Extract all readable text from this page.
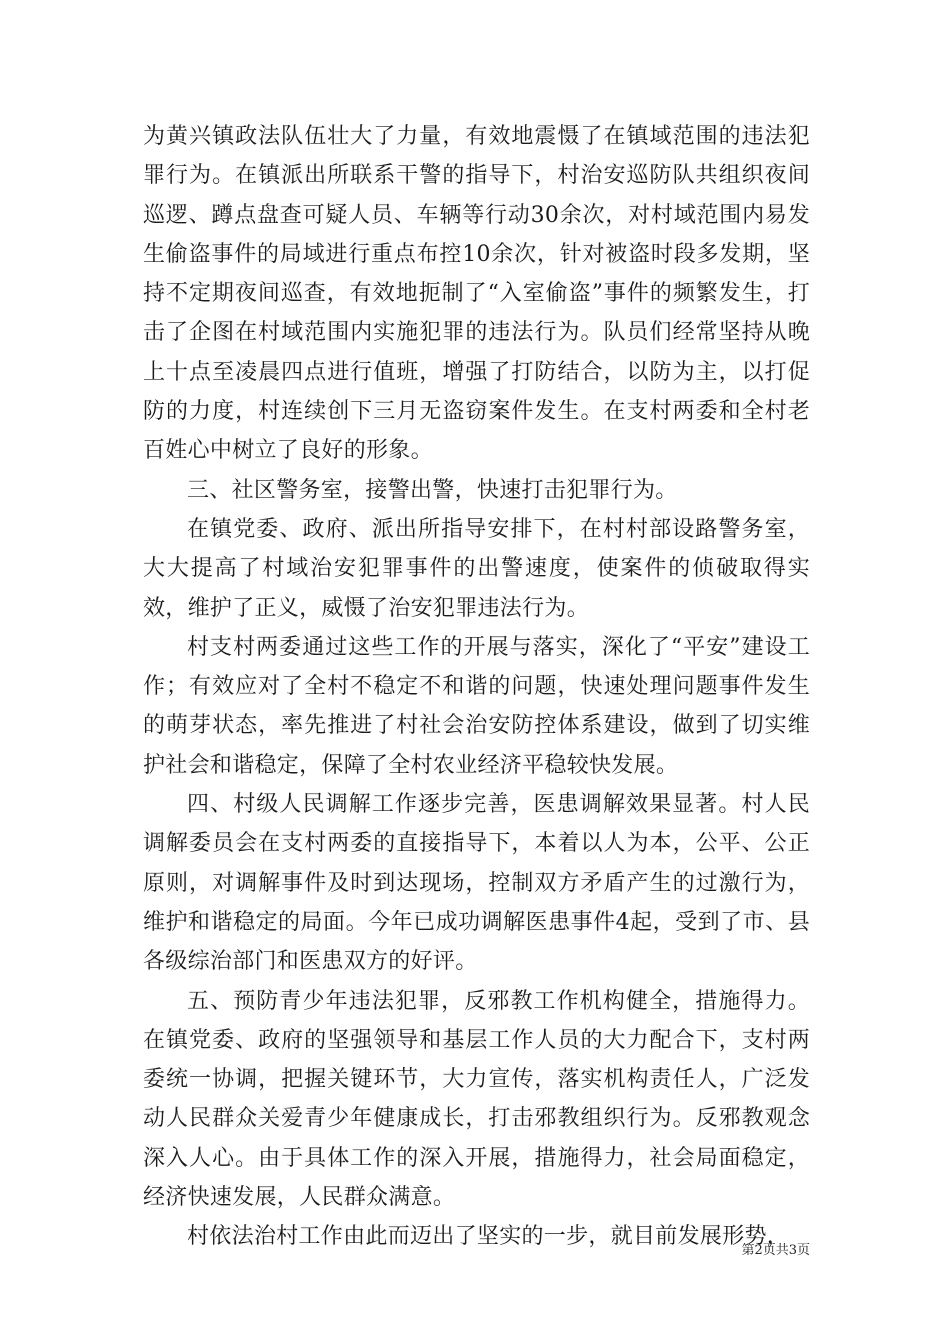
为黄兴镇政法队伍壮大了力量，有效地震慑了在镇域范围的违法犯罪行为。在镇派出所联系干警的指导下，村治安巡防队共组织夜间巡逻、蹲点盘查可疑人员、车辆等行动30余次，对村域范围内易发生偷盗事件的局域进行重点布控10余次，针对被盗时段多发期，坚持不定期夜间巡查，有效地扼制了“入室偷盗”事件的频繁发生，打击了企图在村域范围内实施犯罪的违法行为。队员们经常坚持从晚上十点至凌晨四点进行值班，增强了打防结合，以防为主，以打促防的力度，村连续创下三月无盗窃案件发生。在支村两委和全村老百姓心中树立了良好的形象。

三、社区警务室，接警出警，快速打击犯罪行为。

在镇党委、政府、派出所指导安排下，在村村部设路警务室，大大提高了村域治安犯罪事件的出警速度，使案件的侦破取得实效，维护了正义，威慑了治安犯罪违法行为。

村支村两委通过这些工作的开展与落实，深化了“平安”建设工作；有效应对了全村不稳定不和谐的问题，快速处理问题事件发生的萌芽状态，率先推进了村社会治安防控体系建设，做到了切实维护社会和谐稳定，保障了全村农业经济平稳较快发展。

四、村级人民调解工作逐步完善，医患调解效果显著。村人民调解委员会在支村两委的直接指导下，本着以人为本，公平、公正原则，对调解事件及时到达现场，控制双方矛盾产生的过激行为，维护和谐稳定的局面。今年已成功调解医患事件4起，受到了市、县各级综治部门和医患双方的好评。

五、预防青少年违法犯罪，反邪教工作机构健全，措施得力。在镇党委、政府的坚强领导和基层工作人员的大力配合下，支村两委统一协调，把握关键环节，大力宣传，落实机构责任人，广泛发动人民群众关爱青少年健康成长，打击邪教组织行为。反邪教观念深入人心。由于具体工作的深入开展，措施得力，社会局面稳定，经济快速发展，人民群众满意。

村依法治村工作由此而迈出了坚实的一步，就目前发展形势，

第2页共3页
